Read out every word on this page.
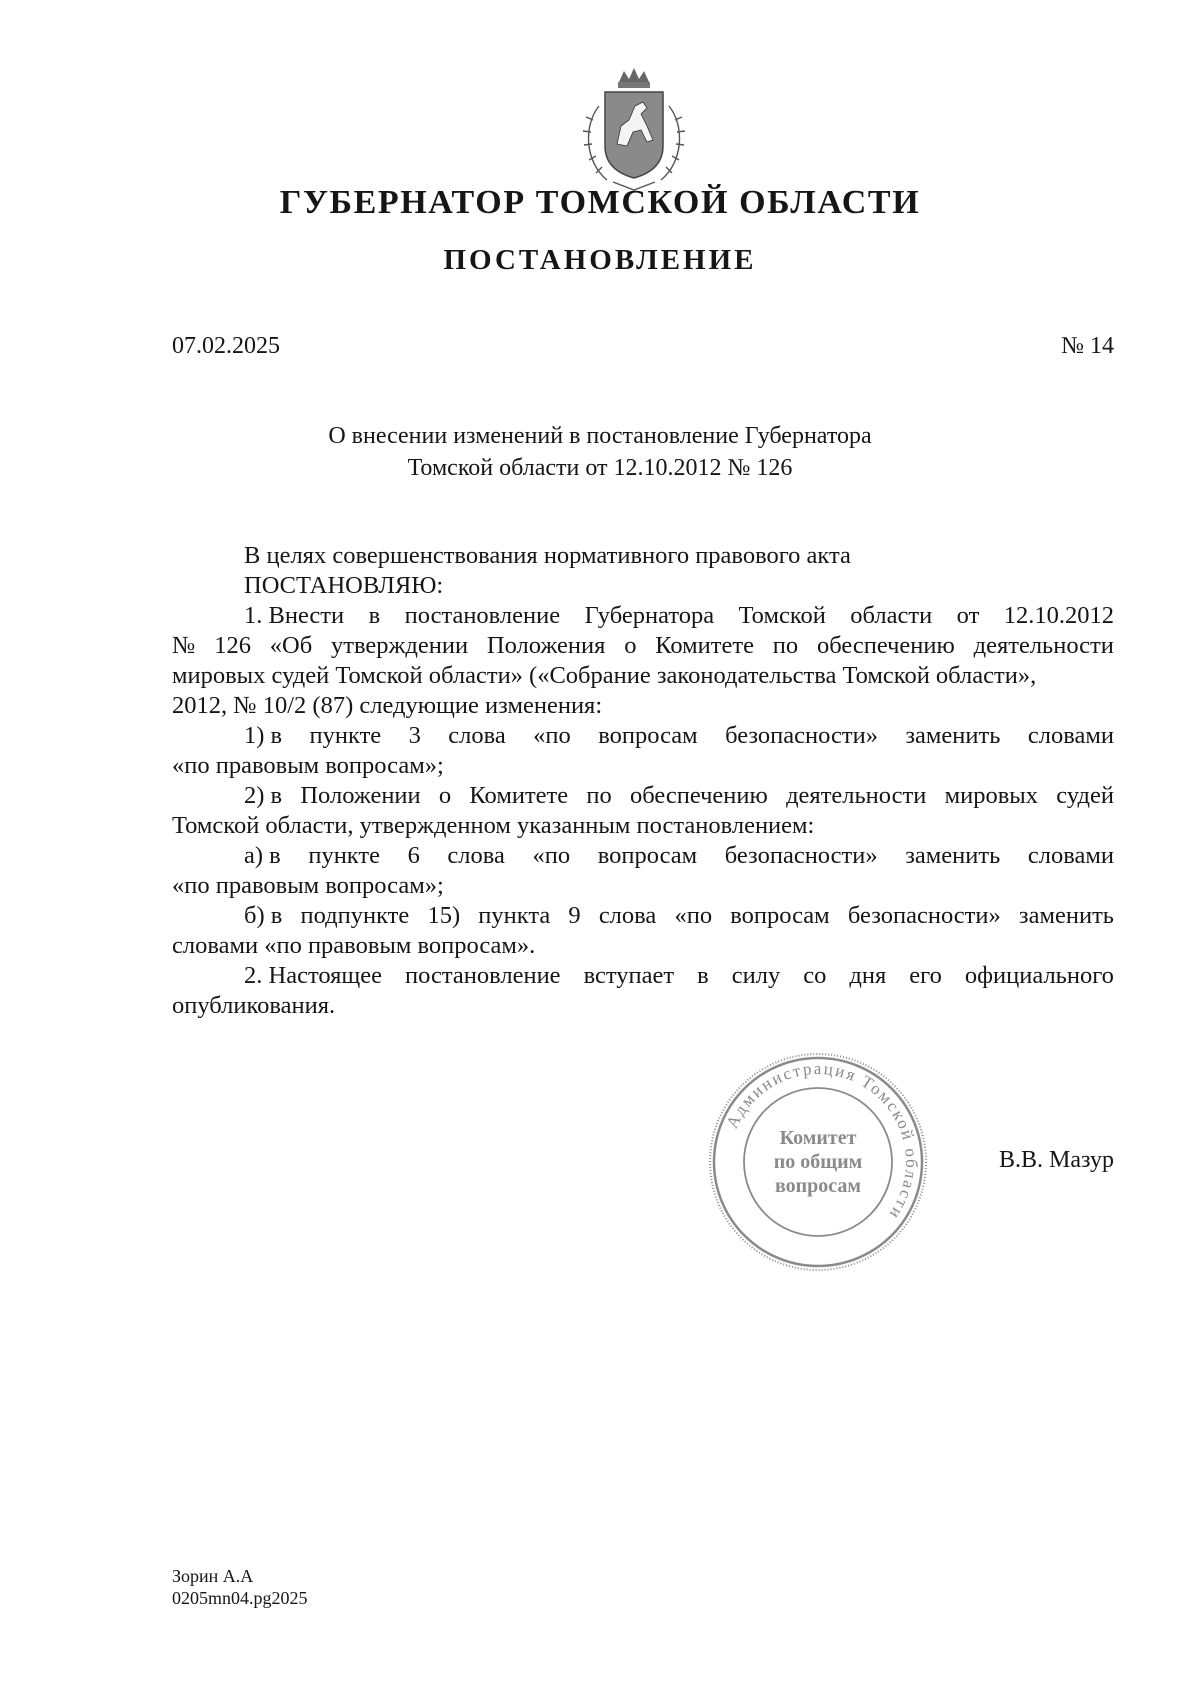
ГУБЕРНАТОР ТОМСКОЙ ОБЛАСТИ
ПОСТАНОВЛЕНИЕ
07.02.2025	№ 14
О внесении изменений в постановление Губернатора
Томской области от 12.10.2012 № 126
В целях совершенствования нормативного правового акта
ПОСТАНОВЛЯЮ:
1. Внести в постановление Губернатора Томской области от 12.10.2012
№ 126 «Об утверждении Положения о Комитете по обеспечению деятельности
мировых судей Томской области» («Собрание законодательства Томской области»,
2012, № 10/2 (87) следующие изменения:
1) в пункте 3 слова «по вопросам безопасности» заменить словами
«по правовым вопросам»;
2) в Положении о Комитете по обеспечению деятельности мировых судей
Томской области, утвержденном указанным постановлением:
а) в пункте 6 слова «по вопросам безопасности» заменить словами
«по правовым вопросам»;
б) в подпункте 15) пункта 9 слова «по вопросам безопасности» заменить
словами «по правовым вопросам».
2. Настоящее постановление вступает в силу со дня его официального
опубликования.
Администрация Томской области
Комитет
по общим
вопросам
В.В. Мазур
Зорин А.А
0205mn04.pg2025
